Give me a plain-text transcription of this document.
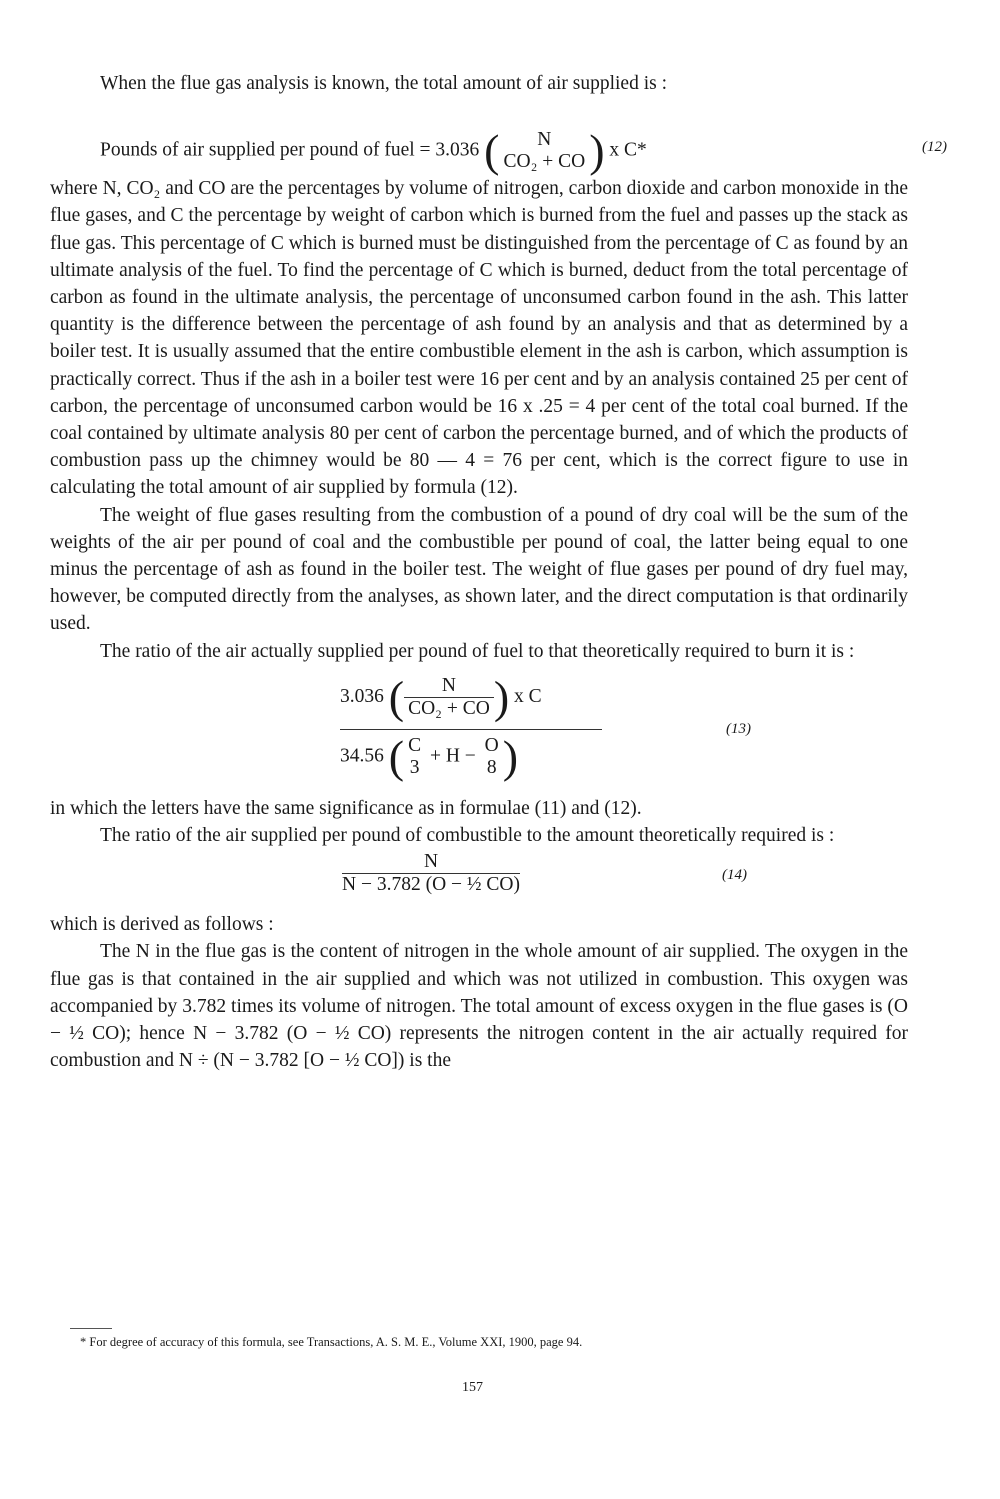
When the flue gas analysis is known, the total amount of air supplied is :

Pounds of air supplied per pound of fuel = 3.036 (	N
CO₂ + CO ) x C*	(12)

where N, CO₂ and CO are the percentages by volume of nitrogen, carbon dioxide and carbon monoxide in the flue gases, and C the percentage by weight of carbon which is burned from the fuel and passes up the stack as flue gas. This percentage of C which is burned must be distinguished from the percentage of C as found by an ultimate analysis of the fuel. To find the percentage of C which is burned, deduct from the total percentage of carbon as found in the ultimate analysis, the percentage of unconsumed carbon found in the ash. This latter quantity is the difference between the percentage of ash found by an analysis and that as determined by a boiler test. It is usually assumed that the entire combustible element in the ash is carbon, which assumption is practically correct. Thus if the ash in a boiler test were 16 per cent and by an analysis contained 25 per cent of carbon, the percentage of unconsumed carbon would be 16 x .25 = 4 per cent of the total coal burned. If the coal contained by ultimate analysis 80 per cent of carbon the percentage burned, and of which the products of combustion pass up the chimney would be 80 — 4 = 76 per cent, which is the correct figure to use in calculating the total amount of air supplied by formula (12).

The weight of flue gases resulting from the combustion of a pound of dry coal will be the sum of the weights of the air per pound of coal and the combustible per pound of coal, the latter being equal to one minus the percentage of ash as found in the boiler test. The weight of flue gases per pound of dry fuel may, however, be computed directly from the analyses, as shown later, and the direct computation is that ordinarily used.

The ratio of the air actually supplied per pound of fuel to that theoretically required to burn it is :

3.036 ( $\frac{N}{\text{CO₂ + CO}}$ ) x C
34.56 ( C
3
+ H − O
8 )
(13)

in which the letters have the same significance as in formulae (11) and (12).

The ratio of the air supplied per pound of combustible to the amount theoretically required is :

$\frac{N}{\text{N − 3.782 (O − ½ CO)}}$	(14)

which is derived as follows :

The N in the flue gas is the content of nitrogen in the whole amount of air supplied. The oxygen in the flue gas is that contained in the air supplied and which was not utilized in combustion. This oxygen was accompanied by 3.782 times its volume of nitrogen. The total amount of excess oxygen in the flue gases is (O − ½ CO); hence N − 3.782 (O − ½ CO) represents the nitrogen content in the air actually required for combustion and N ÷ (N − 3.782 [O − ½ CO]) is the

* For degree of accuracy of this formula, see Transactions, A. S. M. E., Volume XXI, 1900, page 94.
157
